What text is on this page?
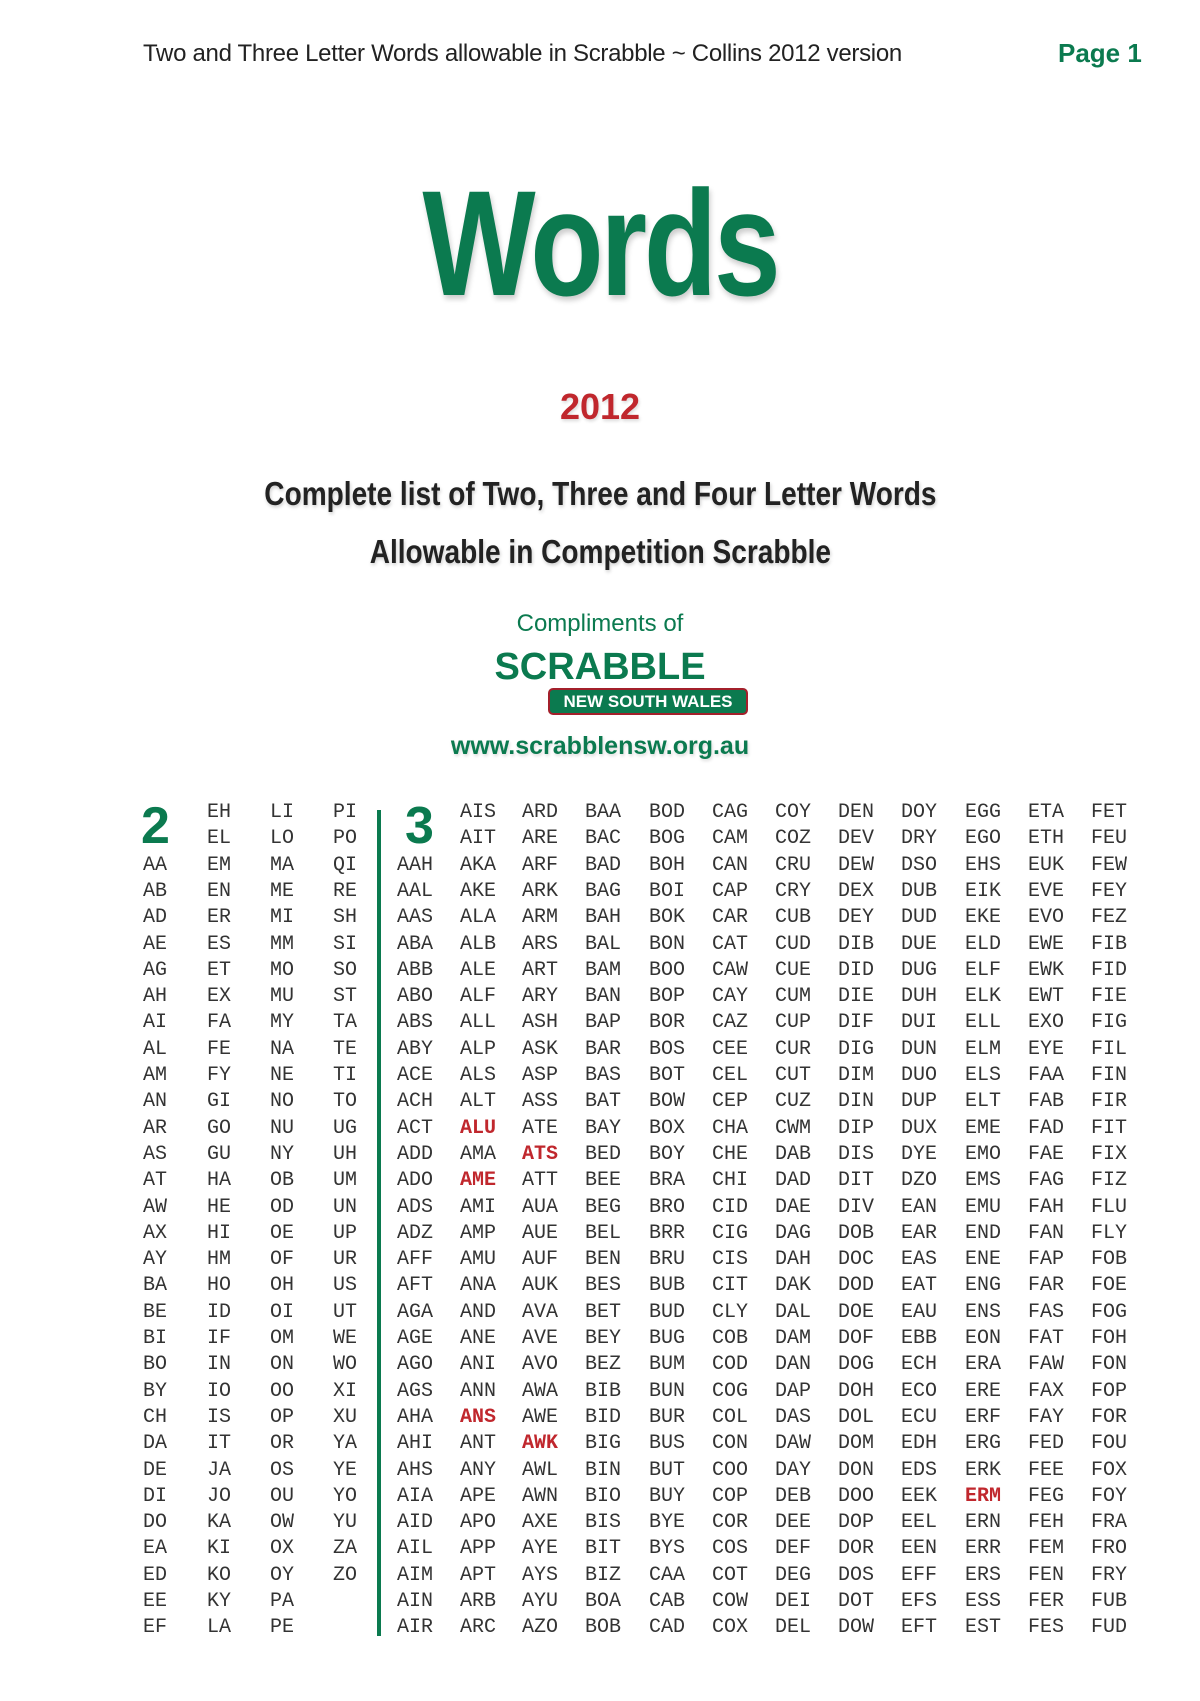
Two and Three Letter Words allowable in Scrabble ~ Collins 2012 version	Page 1
Words
2012
Complete list of Two, Three and Four Letter Words
Allowable in Competition Scrabble
Compliments of
SCRABBLE
NEW SOUTH WALES
www.scrabblensw.org.au
2	3
AA
AB
AD
AE
AG
AH
AI
AL
AM
AN
AR
AS
AT
AW
AX
AY
BA
BE
BI
BO
BY
CH
DA
DE
DI
DO
EA
ED
EE
EF
EH
EL
EM
EN
ER
ES
ET
EX
FA
FE
FY
GI
GO
GU
HA
HE
HI
HM
HO
ID
IF
IN
IO
IS
IT
JA
JO
KA
KI
KO
KY
LA
LI
LO
MA
ME
MI
MM
MO
MU
MY
NA
NE
NO
NU
NY
OB
OD
OE
OF
OH
OI
OM
ON
OO
OP
OR
OS
OU
OW
OX
OY
PA
PE
PI
PO
QI
RE
SH
SI
SO
ST
TA
TE
TI
TO
UG
UH
UM
UN
UP
UR
US
UT
WE
WO
XI
XU
YA
YE
YO
YU
ZA
ZO
AAH
AAL
AAS
ABA
ABB
ABO
ABS
ABY
ACE
ACH
ACT
ADD
ADO
ADS
ADZ
AFF
AFT
AGA
AGE
AGO
AGS
AHA
AHI
AHS
AIA
AID
AIL
AIM
AIN
AIR
AIS
AIT
AKA
AKE
ALA
ALB
ALE
ALF
ALL
ALP
ALS
ALT
ALU
AMA
AME
AMI
AMP
AMU
ANA
AND
ANE
ANI
ANN
ANS
ANT
ANY
APE
APO
APP
APT
ARB
ARC
ARD
ARE
ARF
ARK
ARM
ARS
ART
ARY
ASH
ASK
ASP
ASS
ATE
ATS
ATT
AUA
AUE
AUF
AUK
AVA
AVE
AVO
AWA
AWE
AWK
AWL
AWN
AXE
AYE
AYS
AYU
AZO
BAA
BAC
BAD
BAG
BAH
BAL
BAM
BAN
BAP
BAR
BAS
BAT
BAY
BED
BEE
BEG
BEL
BEN
BES
BET
BEY
BEZ
BIB
BID
BIG
BIN
BIO
BIS
BIT
BIZ
BOA
BOB
BOD
BOG
BOH
BOI
BOK
BON
BOO
BOP
BOR
BOS
BOT
BOW
BOX
BOY
BRA
BRO
BRR
BRU
BUB
BUD
BUG
BUM
BUN
BUR
BUS
BUT
BUY
BYE
BYS
CAA
CAB
CAD
CAG
CAM
CAN
CAP
CAR
CAT
CAW
CAY
CAZ
CEE
CEL
CEP
CHA
CHE
CHI
CID
CIG
CIS
CIT
CLY
COB
COD
COG
COL
CON
COO
COP
COR
COS
COT
COW
COX
COY
COZ
CRU
CRY
CUB
CUD
CUE
CUM
CUP
CUR
CUT
CUZ
CWM
DAB
DAD
DAE
DAG
DAH
DAK
DAL
DAM
DAN
DAP
DAS
DAW
DAY
DEB
DEE
DEF
DEG
DEI
DEL
DEN
DEV
DEW
DEX
DEY
DIB
DID
DIE
DIF
DIG
DIM
DIN
DIP
DIS
DIT
DIV
DOB
DOC
DOD
DOE
DOF
DOG
DOH
DOL
DOM
DON
DOO
DOP
DOR
DOS
DOT
DOW
DOY
DRY
DSO
DUB
DUD
DUE
DUG
DUH
DUI
DUN
DUO
DUP
DUX
DYE
DZO
EAN
EAR
EAS
EAT
EAU
EBB
ECH
ECO
ECU
EDH
EDS
EEK
EEL
EEN
EFF
EFS
EFT
EGG
EGO
EHS
EIK
EKE
ELD
ELF
ELK
ELL
ELM
ELS
ELT
EME
EMO
EMS
EMU
END
ENE
ENG
ENS
EON
ERA
ERE
ERF
ERG
ERK
ERM
ERN
ERR
ERS
ESS
EST
ETA
ETH
EUK
EVE
EVO
EWE
EWK
EWT
EXO
EYE
FAA
FAB
FAD
FAE
FAG
FAH
FAN
FAP
FAR
FAS
FAT
FAW
FAX
FAY
FED
FEE
FEG
FEH
FEM
FEN
FER
FES
FET
FEU
FEW
FEY
FEZ
FIB
FID
FIE
FIG
FIL
FIN
FIR
FIT
FIX
FIZ
FLU
FLY
FOB
FOE
FOG
FOH
FON
FOP
FOR
FOU
FOX
FOY
FRA
FRO
FRY
FUB
FUD
